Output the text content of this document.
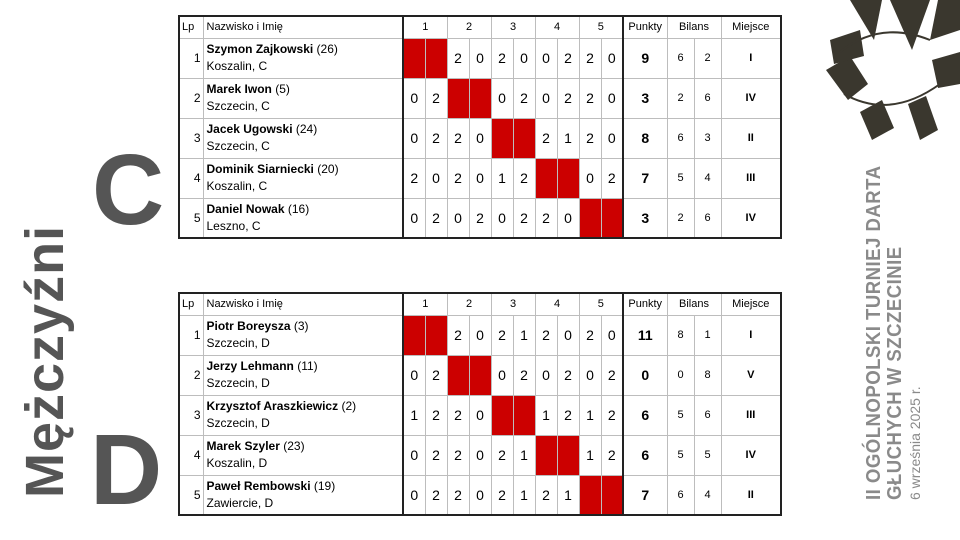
Mężczyźni
C
D	II OGÓLNOPOLSKI TURNIEJ DARTA GŁUCHYCH W SZCZECINIE 6 września 2025 r.
Lp	Nazwisko i Imię	1		2		3		4		5		Punkty	Bilans		Miejsce
1	Szymon Zajkowski (26)
Koszalin, C			2	0	2	0	0	2	2	0	9	6	2	I
2	Marek Iwon (5)
Szczecin, C	0	2			0	2	0	2	2	0	3	2	6	IV
3	Jacek Ugowski (24)
Szczecin, C	0	2	2	0			2	1	2	0	8	6	3	II
4	Dominik Siarniecki (20)
Koszalin, C	2	0	2	0	1	2			0	2	7	5	4	III
5	Daniel Nowak (16)
Leszno, C	0	2	0	2	0	2	2	0			3	2	6	IV
Lp	Nazwisko i Imię	1		2		3		4		5		Punkty	Bilans		Miejsce
1	Piotr Boreysza (3)
Szczecin, D			2	0	2	1	2	0	2	0	11	8	1	I
2	Jerzy Lehmann (11)
Szczecin, D	0	2			0	2	0	2	0	2	0	0	8	V
3	Krzysztof Araszkiewicz (2)
Szczecin, D	1	2	2	0			1	2	1	2	6	5	6	III
4	Marek Szyler (23)
Koszalin, D	0	2	2	0	2	1			1	2	6	5	5	IV
5	Paweł Rembowski (19)
Zawiercie, D	0	2	2	0	2	1	2	1			7	6	4	II
